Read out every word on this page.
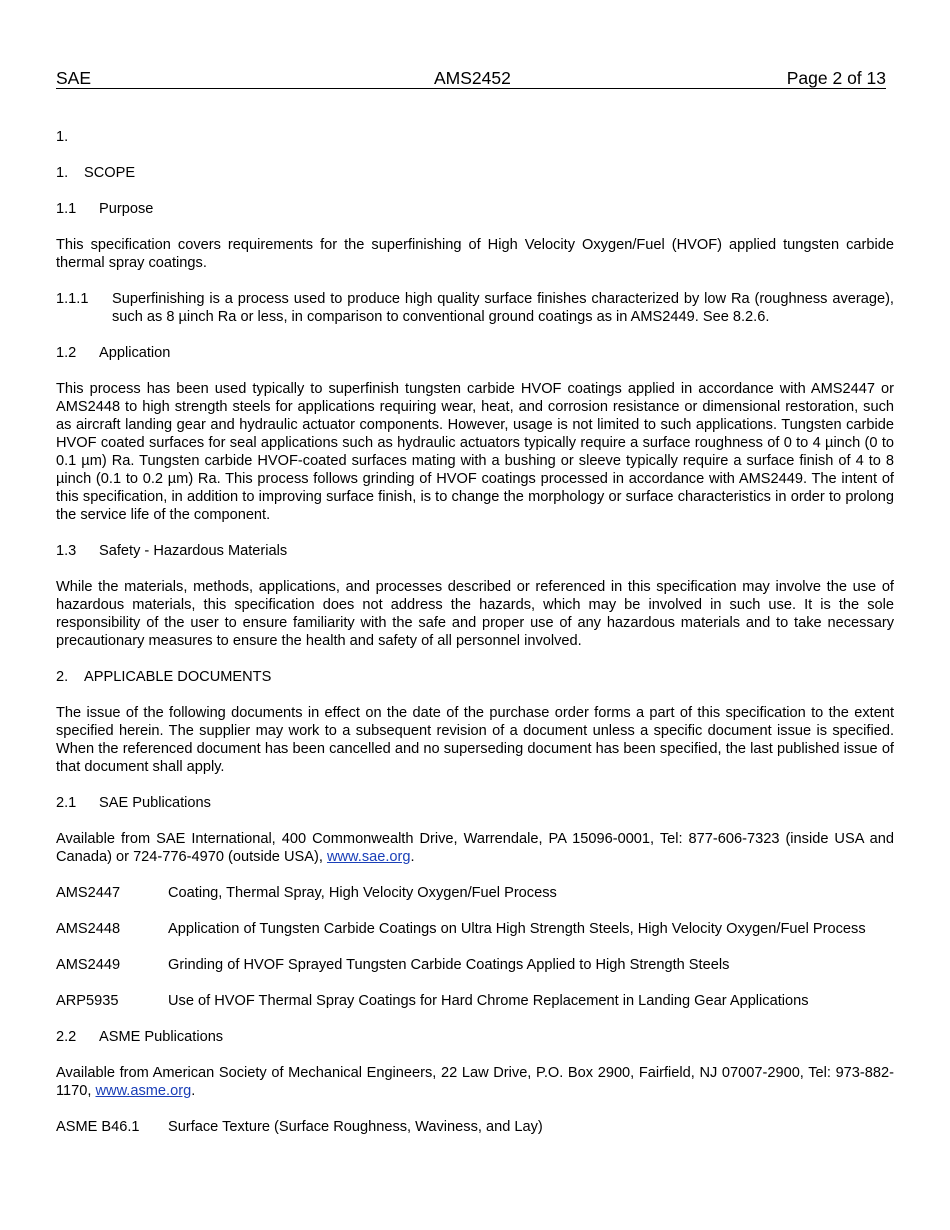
SAE	AMS2452	Page 2 of 13
1.
1.	SCOPE
1.1	Purpose
This specification covers requirements for the superfinishing of High Velocity Oxygen/Fuel (HVOF) applied tungsten carbide thermal spray coatings.
1.1.1	Superfinishing is a process used to produce high quality surface finishes characterized by low Ra (roughness average), such as 8 µinch Ra or less, in comparison to conventional ground coatings as in AMS2449. See 8.2.6.
1.2	Application
This process has been used typically to superfinish tungsten carbide HVOF coatings applied in accordance with AMS2447 or AMS2448 to high strength steels for applications requiring wear, heat, and corrosion resistance or dimensional restoration, such as aircraft landing gear and hydraulic actuator components. However, usage is not limited to such applications. Tungsten carbide HVOF coated surfaces for seal applications such as hydraulic actuators typically require a surface roughness of 0 to 4 µinch (0 to 0.1 µm) Ra. Tungsten carbide HVOF-coated surfaces mating with a bushing or sleeve typically require a surface finish of 4 to 8 µinch (0.1 to 0.2 µm) Ra. This process follows grinding of HVOF coatings processed in accordance with AMS2449. The intent of this specification, in addition to improving surface finish, is to change the morphology or surface characteristics in order to prolong the service life of the component.
1.3	Safety - Hazardous Materials
While the materials, methods, applications, and processes described or referenced in this specification may involve the use of hazardous materials, this specification does not address the hazards, which may be involved in such use. It is the sole responsibility of the user to ensure familiarity with the safe and proper use of any hazardous materials and to take necessary precautionary measures to ensure the health and safety of all personnel involved.
2.	APPLICABLE DOCUMENTS
The issue of the following documents in effect on the date of the purchase order forms a part of this specification to the extent specified herein. The supplier may work to a subsequent revision of a document unless a specific document issue is specified. When the referenced document has been cancelled and no superseding document has been specified, the last published issue of that document shall apply.
2.1	SAE Publications
Available from SAE International, 400 Commonwealth Drive, Warrendale, PA 15096-0001, Tel: 877-606-7323 (inside USA and Canada) or 724-776-4970 (outside USA), www.sae.org.
AMS2447	Coating, Thermal Spray, High Velocity Oxygen/Fuel Process
AMS2448	Application of Tungsten Carbide Coatings on Ultra High Strength Steels, High Velocity Oxygen/Fuel Process
AMS2449	Grinding of HVOF Sprayed Tungsten Carbide Coatings Applied to High Strength Steels
ARP5935	Use of HVOF Thermal Spray Coatings for Hard Chrome Replacement in Landing Gear Applications
2.2	ASME Publications
Available from American Society of Mechanical Engineers, 22 Law Drive, P.O. Box 2900, Fairfield, NJ 07007-2900, Tel: 973-882-1170, www.asme.org.
ASME B46.1	Surface Texture (Surface Roughness, Waviness, and Lay)
